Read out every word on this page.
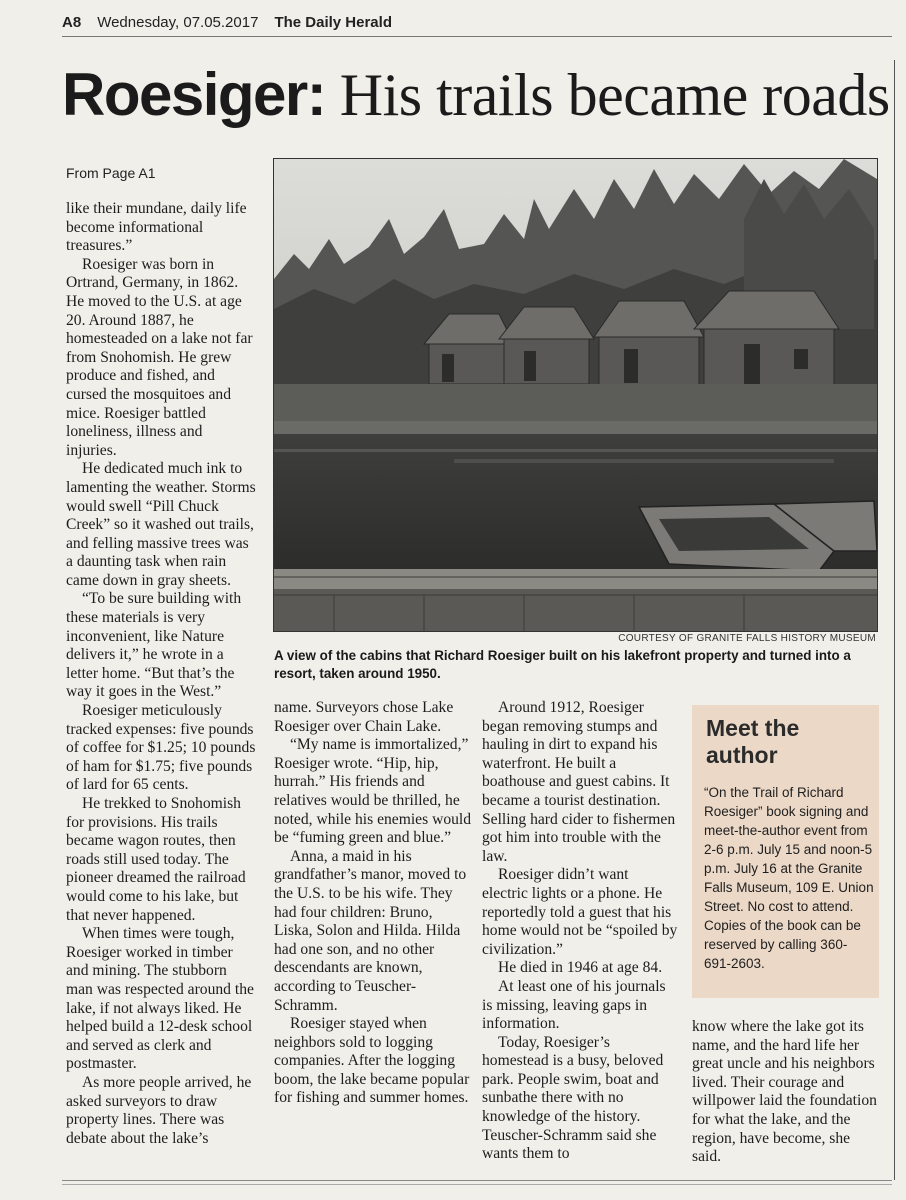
A8 Wednesday, 07.05.2017 The Daily Herald
Roesiger: His trails became roads
From Page A1

like their mundane, daily life become informational treasures.”

Roesiger was born in Ortrand, Germany, in 1862. He moved to the U.S. at age 20. Around 1887, he homesteaded on a lake not far from Snohomish. He grew produce and fished, and cursed the mosquitoes and mice. Roesiger battled loneliness, illness and injuries.

He dedicated much ink to lamenting the weather. Storms would swell “Pill Chuck Creek” so it washed out trails, and felling massive trees was a daunting task when rain came down in gray sheets.

“To be sure building with these materials is very inconvenient, like Nature delivers it,” he wrote in a letter home. “But that’s the way it goes in the West.”

Roesiger meticulously tracked expenses: five pounds of coffee for $1.25; 10 pounds of ham for $1.75; five pounds of lard for 65 cents.

He trekked to Snohomish for provisions. His trails became wagon routes, then roads still used today. The pioneer dreamed the railroad would come to his lake, but that never happened.

When times were tough, Roesiger worked in timber and mining. The stubborn man was respected around the lake, if not always liked. He helped build a 12-desk school and served as clerk and postmaster.

As more people arrived, he asked surveyors to draw property lines. There was debate about the lake’s

COURTESY OF GRANITE FALLS HISTORY MUSEUM
A view of the cabins that Richard Roesiger built on his lakefront property and turned into a resort, taken around 1950.

name. Surveyors chose Lake Roesiger over Chain Lake.

“My name is immortalized,” Roesiger wrote. “Hip, hip, hurrah.” His friends and relatives would be thrilled, he noted, while his enemies would be “fuming green and blue.”

Anna, a maid in his grandfather’s manor, moved to the U.S. to be his wife. They had four children: Bruno, Liska, Solon and Hilda. Hilda had one son, and no other descendants are known, according to Teuscher-Schramm.

Roesiger stayed when neighbors sold to logging companies. After the logging boom, the lake became popular for fishing and summer homes.

Around 1912, Roesiger began removing stumps and hauling in dirt to expand his waterfront. He built a boathouse and guest cabins. It became a tourist destination. Selling hard cider to fishermen got him into trouble with the law.

Roesiger didn’t want electric lights or a phone. He reportedly told a guest that his home would not be “spoiled by civilization.”

He died in 1946 at age 84.

At least one of his journals is missing, leaving gaps in information.

Today, Roesiger’s homestead is a busy, beloved park. People swim, boat and sunbathe there with no knowledge of the history. Teuscher-Schramm said she wants them to

Meet the author
“On the Trail of Richard Roesiger” book signing and meet-the-author event from 2-6 p.m. July 15 and noon-5 p.m. July 16 at the Granite Falls Museum, 109 E. Union Street. No cost to attend. Copies of the book can be reserved by calling 360-691-2603.

know where the lake got its name, and the hard life her great uncle and his neighbors lived. Their courage and willpower laid the foundation for what the lake, and the region, have become, she said.
